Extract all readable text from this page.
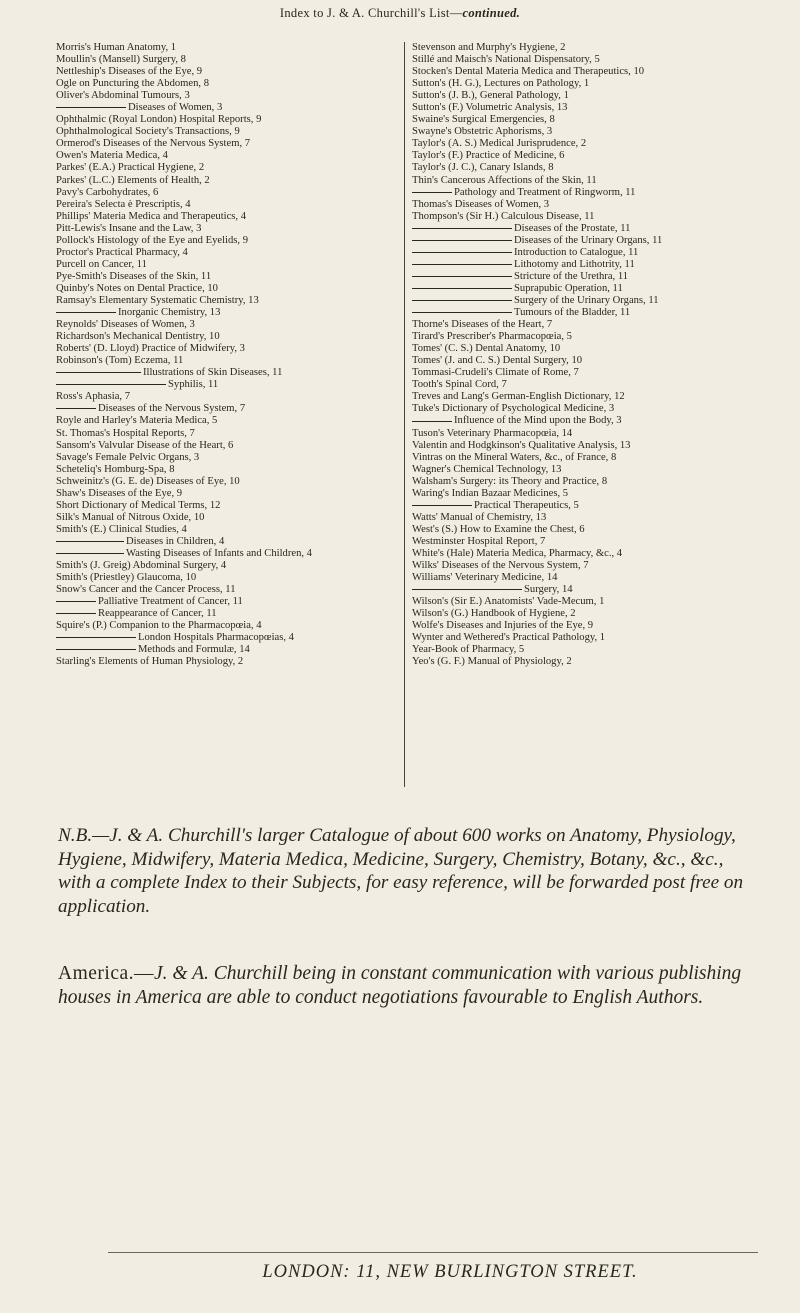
Index to J. & A. Churchill's List—continued.
Morris's Human Anatomy, 1
Moullin's (Mansell) Surgery, 8
Nettleship's Diseases of the Eye, 9
Ogle on Puncturing the Abdomen, 8
Oliver's Abdominal Tumours, 3
Diseases of Women, 3
Ophthalmic (Royal London) Hospital Reports, 9
Ophthalmological Society's Transactions, 9
Ormerod's Diseases of the Nervous System, 7
Owen's Materia Medica, 4
Parkes' (E.A.) Practical Hygiene, 2
Parkes' (L.C.) Elements of Health, 2
Pavy's Carbohydrates, 6
Pereira's Selecta è Prescriptis, 4
Phillips' Materia Medica and Therapeutics, 4
Pitt-Lewis's Insane and the Law, 3
Pollock's Histology of the Eye and Eyelids, 9
Proctor's Practical Pharmacy, 4
Purcell on Cancer, 11
Pye-Smith's Diseases of the Skin, 11
Quinby's Notes on Dental Practice, 10
Ramsay's Elementary Systematic Chemistry, 13
Inorganic Chemistry, 13
Reynolds' Diseases of Women, 3
Richardson's Mechanical Dentistry, 10
Roberts' (D. Lloyd) Practice of Midwifery, 3
Robinson's (Tom) Eczema, 11
Illustrations of Skin Diseases, 11
Syphilis, 11
Ross's Aphasia, 7
Diseases of the Nervous System, 7
Royle and Harley's Materia Medica, 5
St. Thomas's Hospital Reports, 7
Sansom's Valvular Disease of the Heart, 6
Savage's Female Pelvic Organs, 3
Scheteliq's Homburg-Spa, 8
Schweinitz's (G. E. de) Diseases of Eye, 10
Shaw's Diseases of the Eye, 9
Short Dictionary of Medical Terms, 12
Silk's Manual of Nitrous Oxide, 10
Smith's (E.) Clinical Studies, 4
Diseases in Children, 4
Wasting Diseases of Infants and Children, 4
Smith's (J. Greig) Abdominal Surgery, 4
Smith's (Priestley) Glaucoma, 10
Snow's Cancer and the Cancer Process, 11
Palliative Treatment of Cancer, 11
Reappearance of Cancer, 11
Squire's (P.) Companion to the Pharmacopœia, 4
London Hospitals Pharmacopœias, 4
Methods and Formulæ, 14
Starling's Elements of Human Physiology, 2
Stevenson and Murphy's Hygiene, 2
Stillé and Maisch's National Dispensatory, 5
Stocken's Dental Materia Medica and Therapeutics, 10
Sutton's (H. G.), Lectures on Pathology, 1
Sutton's (J. B.), General Pathology, 1
Sutton's (F.) Volumetric Analysis, 13
Swaine's Surgical Emergencies, 8
Swayne's Obstetric Aphorisms, 3
Taylor's (A. S.) Medical Jurisprudence, 2
Taylor's (F.) Practice of Medicine, 6
Taylor's (J. C.), Canary Islands, 8
Thin's Cancerous Affections of the Skin, 11
Pathology and Treatment of Ringworm, 11
Thomas's Diseases of Women, 3
Thompson's (Sir H.) Calculous Disease, 11
Diseases of the Prostate, 11
Diseases of the Urinary Organs, 11
Introduction to Catalogue, 11
Lithotomy and Lithotrity, 11
Stricture of the Urethra, 11
Suprapubic Operation, 11
Surgery of the Urinary Organs, 11
Tumours of the Bladder, 11
Thorne's Diseases of the Heart, 7
Tirard's Prescriber's Pharmacopœia, 5
Tomes' (C. S.) Dental Anatomy, 10
Tomes' (J. and C. S.) Dental Surgery, 10
Tommasi-Crudeli's Climate of Rome, 7
Tooth's Spinal Cord, 7
Treves and Lang's German-English Dictionary, 12
Tuke's Dictionary of Psychological Medicine, 3
Influence of the Mind upon the Body, 3
Tuson's Veterinary Pharmacopœia, 14
Valentin and Hodgkinson's Qualitative Analysis, 13
Vintras on the Mineral Waters, &c., of France, 8
Wagner's Chemical Technology, 13
Walsham's Surgery: its Theory and Practice, 8
Waring's Indian Bazaar Medicines, 5
Practical Therapeutics, 5
Watts' Manual of Chemistry, 13
West's (S.) How to Examine the Chest, 6
Westminster Hospital Report, 7
White's (Hale) Materia Medica, Pharmacy, &c., 4
Wilks' Diseases of the Nervous System, 7
Williams' Veterinary Medicine, 14
Surgery, 14
Wilson's (Sir E.) Anatomists' Vade-Mecum, 1
Wilson's (G.) Handbook of Hygiene, 2
Wolfe's Diseases and Injuries of the Eye, 9
Wynter and Wethered's Practical Pathology, 1
Year-Book of Pharmacy, 5
Yeo's (G. F.) Manual of Physiology, 2
N.B.—J. & A. Churchill's larger Catalogue of about 600 works on Anatomy, Physiology, Hygiene, Midwifery, Materia Medica, Medicine, Surgery, Chemistry, Botany, &c., &c., with a complete Index to their Subjects, for easy reference, will be forwarded post free on application.
America.—J. & A. Churchill being in constant communication with various publishing houses in America are able to conduct negotiations favourable to English Authors.
LONDON: 11, NEW BURLINGTON STREET.
